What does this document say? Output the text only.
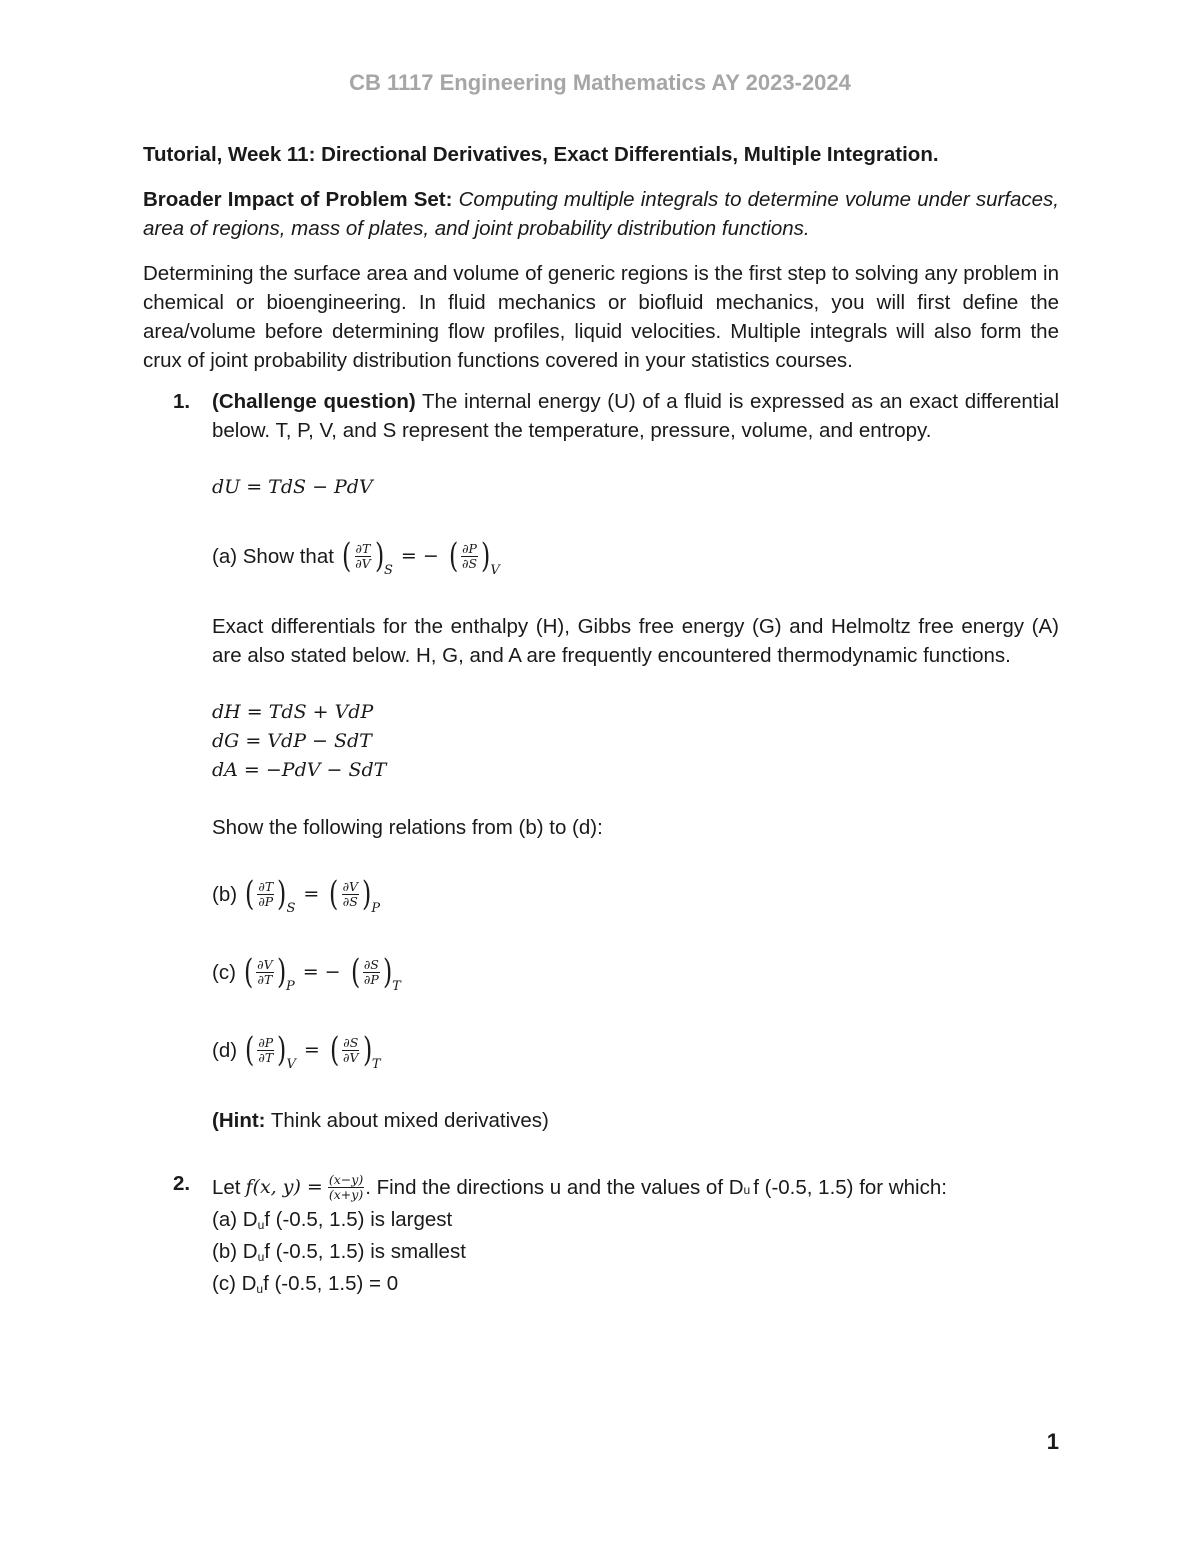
CB 1117 Engineering Mathematics AY 2023-2024
Tutorial, Week 11: Directional Derivatives, Exact Differentials, Multiple Integration.
Broader Impact of Problem Set: Computing multiple integrals to determine volume under surfaces, area of regions, mass of plates, and joint probability distribution functions.
Determining the surface area and volume of generic regions is the first step to solving any problem in chemical or bioengineering. In fluid mechanics or biofluid mechanics, you will first define the area/volume before determining flow profiles, liquid velocities. Multiple integrals will also form the crux of joint probability distribution functions covered in your statistics courses.
1. (Challenge question) The internal energy (U) of a fluid is expressed as an exact differential below. T, P, V, and S represent the temperature, pressure, volume, and entropy.
dU = TdS − PdV
(a) Show that ( $\frac{\partial T}{\partial V}$ ) S
= − ( $\frac{\partial P}{\partial S}$ ) V
Exact differentials for the enthalpy (H), Gibbs free energy (G) and Helmoltz free energy (A) are also stated below. H, G, and A are frequently encountered thermodynamic functions.
dH = TdS + VdP
dG = VdP − SdT
dA = −PdV − SdT
Show the following relations from (b) to (d):
(b) ( $\frac{\partial T}{\partial P}$ ) S
= ( $\frac{\partial V}{\partial S}$ ) P
(c) ( $\frac{\partial V}{\partial T}$ ) P
= − ( $\frac{\partial S}{\partial P}$ ) T
(d) ( $\frac{\partial P}{\partial T}$ ) V
= ( $\frac{\partial S}{\partial V}$ ) T
(Hint: Think about mixed derivatives)
2. Let f(x, $y) = \frac{(x-y)}{(x+y)}$ . Find the directions u and the values of D u f (-0.5, 1.5) for which:
(a) Duf (-0.5, 1.5) is largest
(b) Duf (-0.5, 1.5) is smallest
(c) Duf (-0.5, 1.5) = 0
1
